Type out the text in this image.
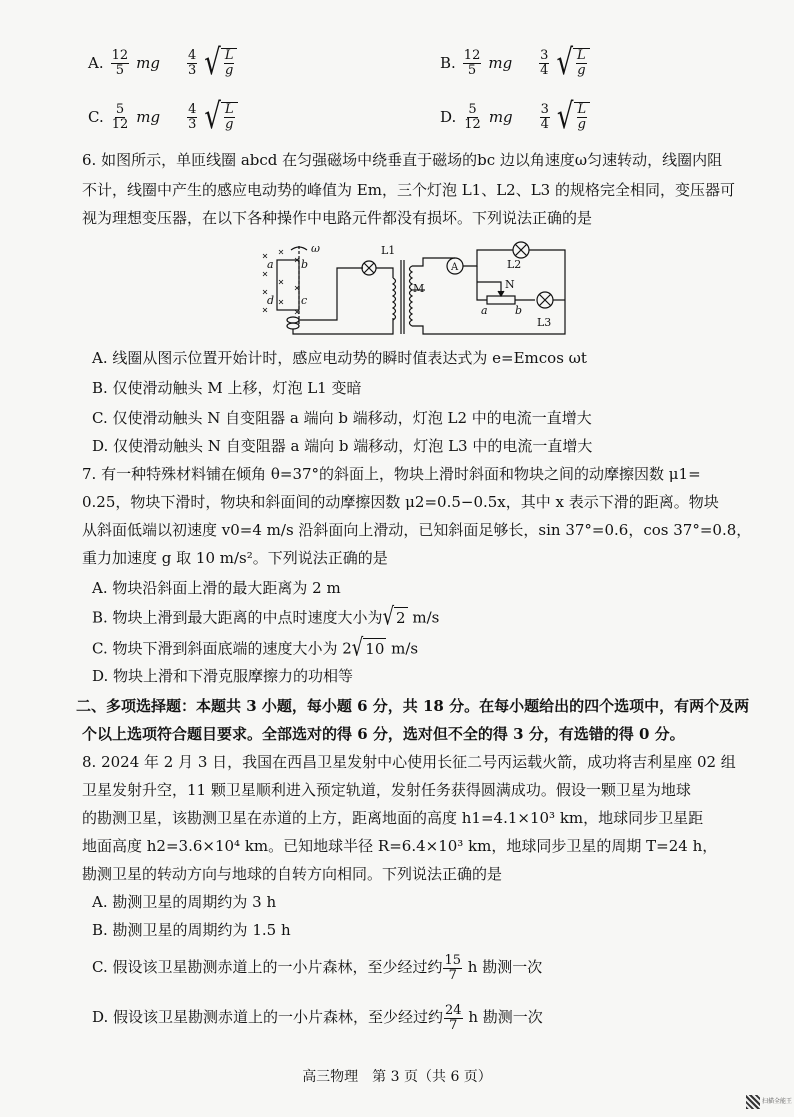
A. $\frac{12}{5}$ mg $\frac{4}{3}$ √ $\frac{L}{g}$	B. $\frac{12}{5}$ mg $\frac{3}{4}$ √ $\frac{L}{g}$
C. $\frac{5}{12}$ mg $\frac{4}{3}$ √ $\frac{L}{g}$	D. $\frac{5}{12}$ mg $\frac{3}{4}$ √ $\frac{L}{g}$
6. 如图所示，单匝线圈 abcd 在匀强磁场中绕垂直于磁场的bc 边以角速度ω匀速转动，线圈内阻
不计，线圈中产生的感应电动势的峰值为 Em，三个灯泡 L1、L2、L3 的规格完全相同，变压器可
视为理想变压器，在以下各种操作中电路元件都没有损坏。下列说法正确的是
ω
a b
c
d
L1
M
A	L2
N
a b
L3
A. 线圈从图示位置开始计时，感应电动势的瞬时值表达式为 e=Emcos ωt
B. 仅使滑动触头 M 上移，灯泡 L1 变暗
C. 仅使滑动触头 N 自变阻器 a 端向 b 端移动，灯泡 L2 中的电流一直增大
D. 仅使滑动触头 N 自变阻器 a 端向 b 端移动，灯泡 L3 中的电流一直增大
7. 有一种特殊材料铺在倾角 θ=37°的斜面上，物块上滑时斜面和物块之间的动摩擦因数 μ1=
0.25，物块下滑时，物块和斜面间的动摩擦因数 μ2=0.5−0.5x，其中 x 表示下滑的距离。物块
从斜面低端以初速度 v0=4 m/s 沿斜面向上滑动，已知斜面足够长，sin 37°=0.6，cos 37°=0.8，
重力加速度 g 取 10 m/s²。下列说法正确的是
A. 物块沿斜面上滑的最大距离为 2 m
B. 物块上滑到最大距离的中点时速度大小为 √ 2 m/s
C. 物块下滑到斜面底端的速度大小为 2 √ 10 m/s
D. 物块上滑和下滑克服摩擦力的功相等
二、多项选择题：本题共 3 小题，每小题 6 分，共 18 分。在每小题给出的四个选项中，有两个及两
个以上选项符合题目要求。全部选对的得 6 分，选对但不全的得 3 分，有选错的得 0 分。
8. 2024 年 2 月 3 日，我国在西昌卫星发射中心使用长征二号丙运载火箭，成功将吉利星座 02 组
卫星发射升空，11 颗卫星顺利进入预定轨道，发射任务获得圆满成功。假设一颗卫星为地球
的勘测卫星，该勘测卫星在赤道的上方，距离地面的高度 h1=4.1×10³ km，地球同步卫星距
地面高度 h2=3.6×10⁴ km。已知地球半径 R=6.4×10³ km，地球同步卫星的周期 T=24 h，
勘测卫星的转动方向与地球的自转方向相同。下列说法正确的是
A. 勘测卫星的周期约为 3 h
B. 勘测卫星的周期约为 1.5 h
C. 假设该卫星勘测赤道上的一小片森林，至少经过约 $\frac{15}{7}$ h 勘测一次
D. 假设该卫星勘测赤道上的一小片森林，至少经过约 $\frac{24}{7}$ h 勘测一次
高三物理　第 3 页（共 6 页）
扫描全能王
